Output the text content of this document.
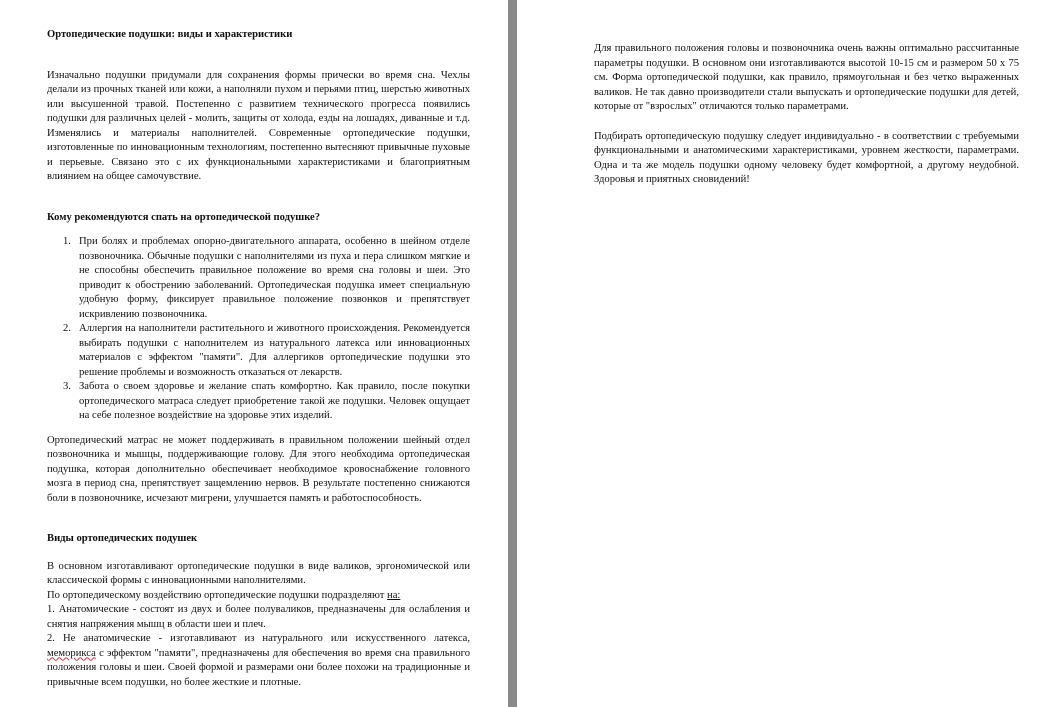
Ортопедические подушки: виды и характеристики

Изначально подушки придумали для сохранения формы прически во время сна. Чехлы делали из прочных тканей или кожи, а наполняли пухом и перьями птиц, шерстью животных или высушенной травой. Постепенно с развитием технического прогресса появились подушки для различных целей - молить, защиты от холода, езды на лошадях, диванные и т.д. Изменялись и материалы наполнителей. Современные ортопедические подушки, изготовленные по инновационным технологиям, постепенно вытесняют привычные пуховые и перьевые. Связано это с их функциональными характеристиками и благоприятным влиянием на общее самочувствие.

Кому рекомендуются спать на ортопедической подушке?
1. При болях и проблемах опорно-двигательного аппарата, особенно в шейном отделе позвоночника. Обычные подушки с наполнителями из пуха и пера слишком мягкие и не способны обеспечить правильное положение во время сна головы и шеи. Это приводит к обострению заболеваний. Ортопедическая подушка имеет специальную удобную форму, фиксирует правильное положение позвонков и препятствует искривлению позвоночника.
2. Аллергия на наполнители растительного и животного происхождения. Рекомендуется выбирать подушки с наполнителем из натурального латекса или инновационных материалов с эффектом "памяти". Для аллергиков ортопедические подушки это решение проблемы и возможность отказаться от лекарств.
3. Забота о своем здоровье и желание спать комфортно. Как правило, после покупки ортопедического матраса следует приобретение такой же подушки. Человек ощущает на себе полезное воздействие на здоровье этих изделий.

Ортопедический матрас не может поддерживать в правильном положении шейный отдел позвоночника и мышцы, поддерживающие голову. Для этого необходима ортопедическая подушка, которая дополнительно обеспечивает необходимое кровоснабжение головного мозга в период сна, препятствует защемлению нервов. В результате постепенно снижаются боли в позвоночнике, исчезают мигрени, улучшается память и работоспособность.

Виды ортопедических подушек

В основном изготавливают ортопедические подушки в виде валиков, эргономической или классической формы с инновационными наполнителями.

По ортопедическому воздействию ортопедические подушки подразделяют на:

1. Анатомические - состоят из двух и более полувaликов, предназначены для ослабления и снятия напряжения мышц в области шеи и плеч.

2. Не анатомические - изготавливают из натурального или искусственного латекса, меморикса с эффектом "памяти", предназначены для обеспечения во время сна правильного положения головы и шеи. Своей формой и размерами они более похожи на традиционные и привычные всем подушки, но более жесткие и плотные.

Для правильного положения головы и позвоночника очень важны оптимально рассчитанные параметры подушки. В основном они изготавливаются высотой 10-15 см и размером 50 х 75 см. Форма ортопедической подушки, как правило, прямоугольная и без четко выраженных валиков. Не так давно производители стали выпускать и ортопедические подушки для детей, которые от "взрослых" отличаются только параметрами.

Подбирать ортопедическую подушку следует индивидуально - в соответствии с требуемыми функциональными и анатомическими характеристиками, уровнем жесткости, параметрами. Одна и та же модель подушки одному человеку будет комфортной, а другому неудобной. Здоровья и приятных сновидений!
